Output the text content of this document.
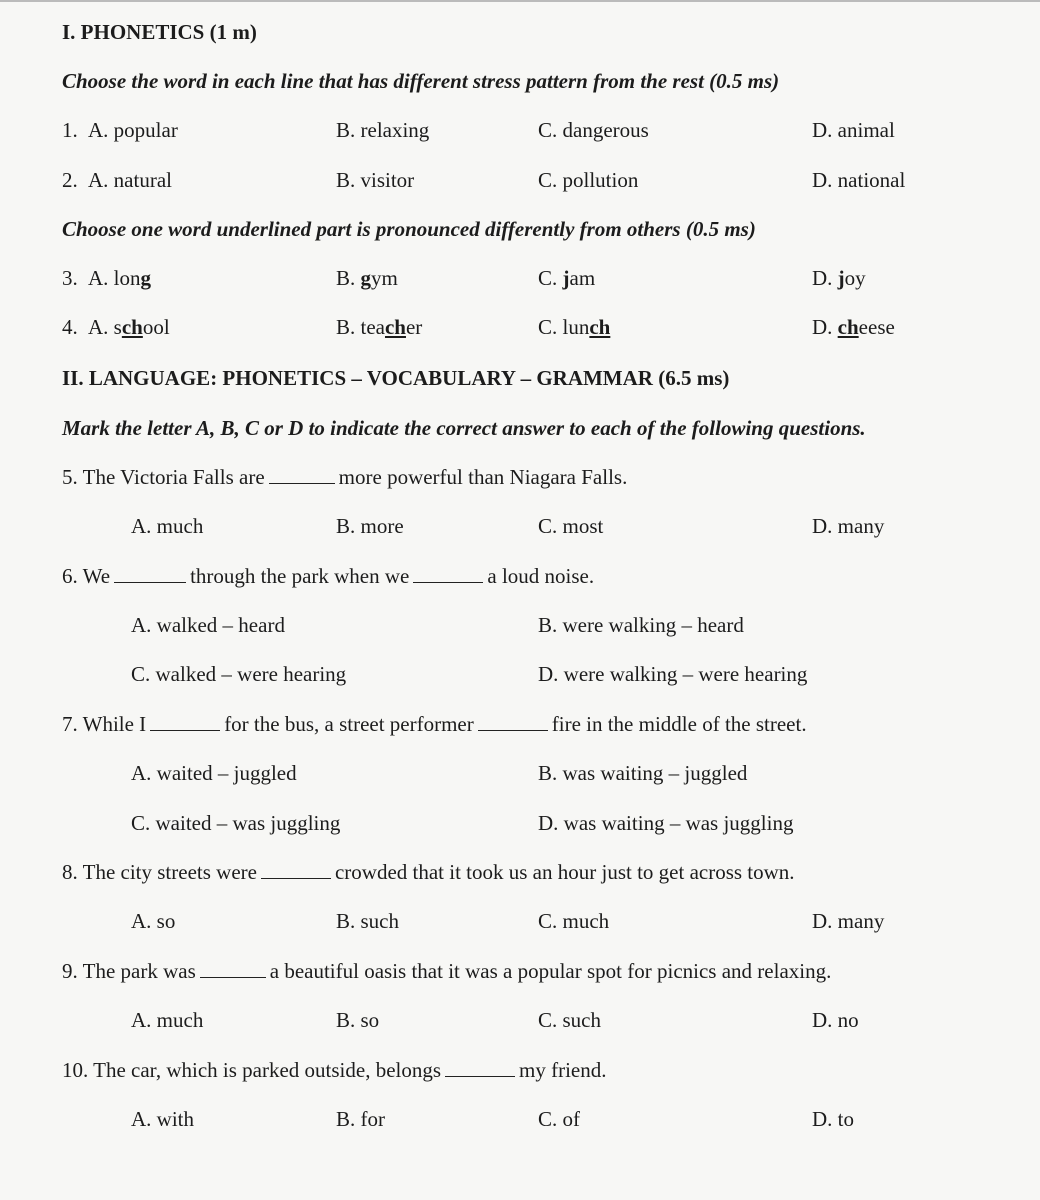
I. PHONETICS (1 m)
Choose the word in each line that has different stress pattern from the rest (0.5 ms)
1. A. popular	B. relaxing	C. dangerous	D. animal
2. A. natural	B. visitor	C. pollution	D. national
Choose one word underlined part is pronounced differently from others (0.5 ms)
3. A. long	B. gym	C. jam	D. joy
4. A. school	B. teacher	C. lunch	D. cheese
II. LANGUAGE: PHONETICS – VOCABULARY – GRAMMAR (6.5 ms)
Mark the letter A, B, C or D to indicate the correct answer to each of the following questions.
5. The Victoria Falls are	more powerful than Niagara Falls.
A. much	B. more	C. most	D. many
6. We	through the park when we	a loud noise.
A. walked – heard	B. were walking – heard
C. walked – were hearing	D. were walking – were hearing
7. While I	for the bus, a street performer	fire in the middle of the street.
A. waited – juggled	B. was waiting – juggled
C. waited – was juggling	D. was waiting – was juggling
8. The city streets were	crowded that it took us an hour just to get across town.
A. so	B. such	C. much	D. many
9. The park was	a beautiful oasis that it was a popular spot for picnics and relaxing.
A. much	B. so	C. such	D. no
10. The car, which is parked outside, belongs	my friend.
A. with	B. for	C. of	D. to
